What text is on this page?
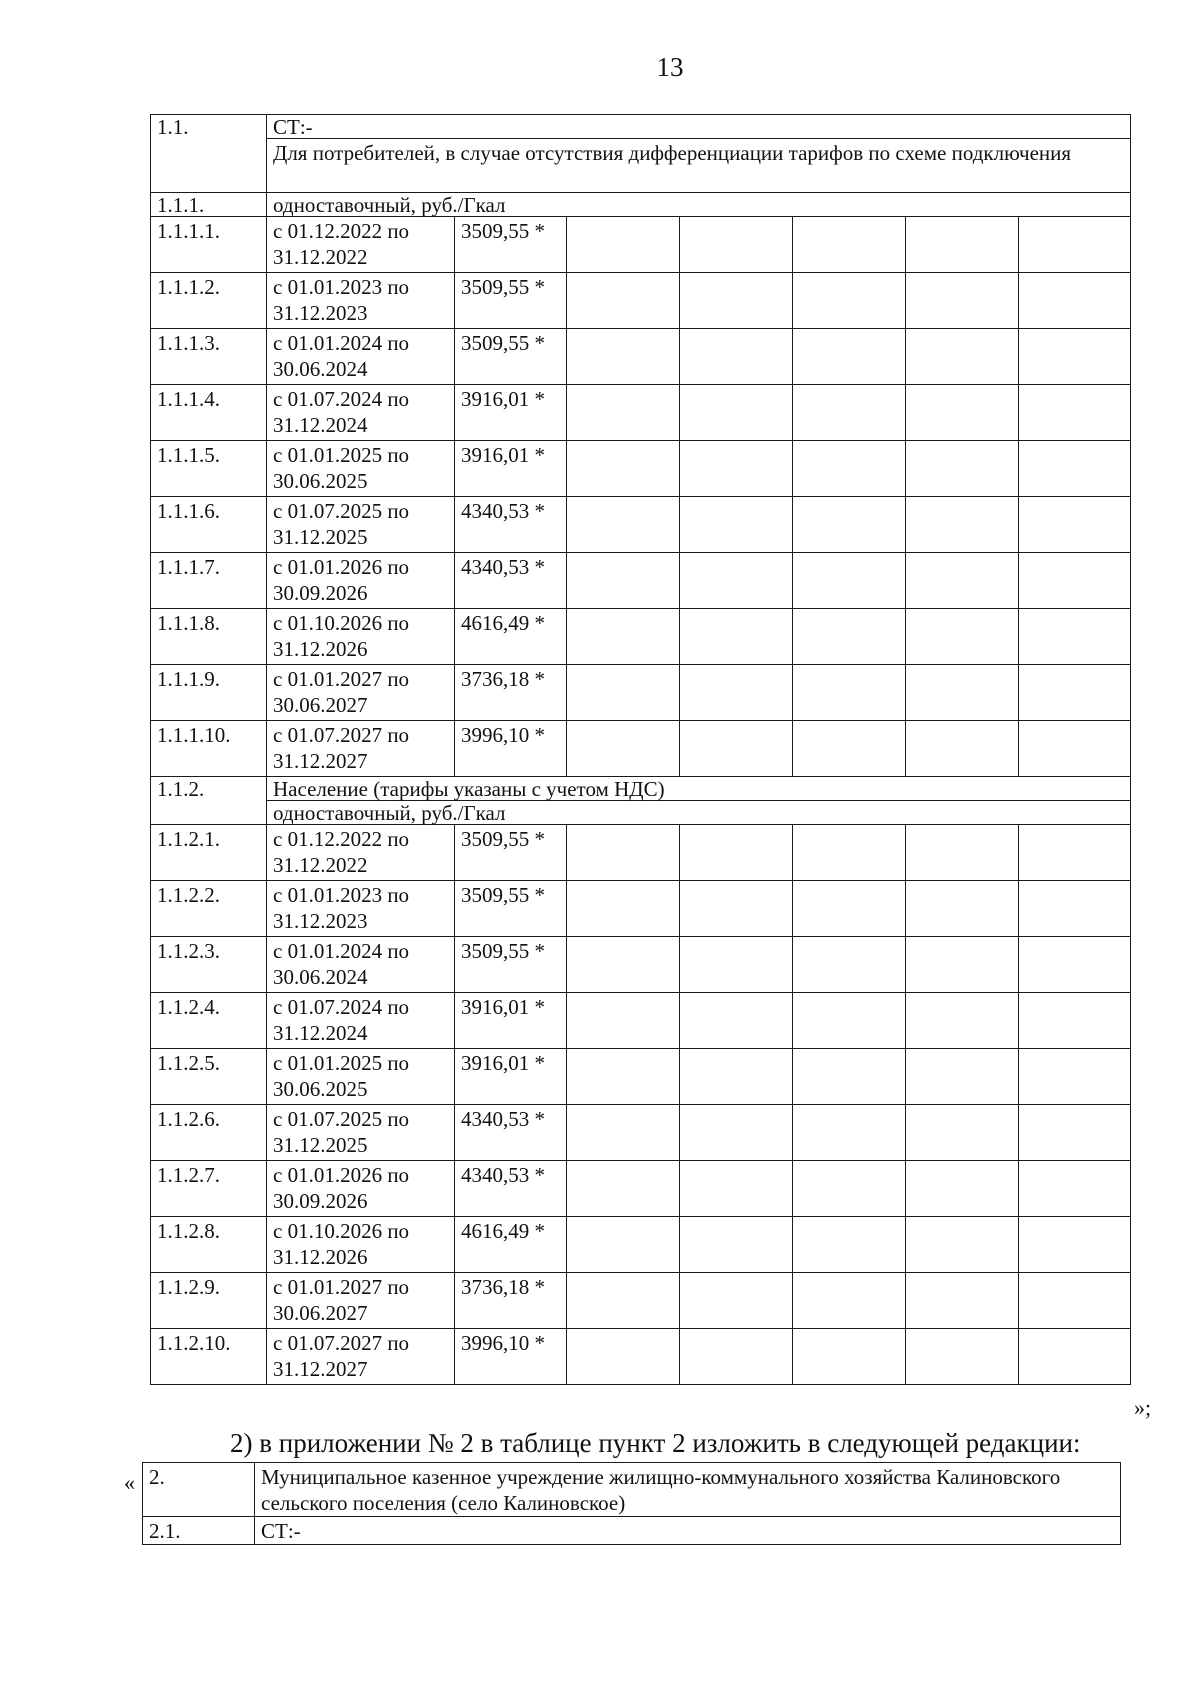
13
1.1.	СТ:-						
	Для потребителей, в случае отсутствия дифференциации тарифов по схеме подключения						
1.1.1.	одноставочный, руб./Гкал						
1.1.1.1.	с 01.12.2022 по 31.12.2022	3509,55 *					
1.1.1.2.	с 01.01.2023 по 31.12.2023	3509,55 *					
1.1.1.3.	с 01.01.2024 по 30.06.2024	3509,55 *					
1.1.1.4.	с 01.07.2024 по 31.12.2024	3916,01 *					
1.1.1.5.	с 01.01.2025 по 30.06.2025	3916,01 *					
1.1.1.6.	с 01.07.2025 по 31.12.2025	4340,53 *					
1.1.1.7.	с 01.01.2026 по 30.09.2026	4340,53 *					
1.1.1.8.	с 01.10.2026 по 31.12.2026	4616,49 *					
1.1.1.9.	с 01.01.2027 по 30.06.2027	3736,18 *					
1.1.1.10.	с 01.07.2027 по 31.12.2027	3996,10 *					
1.1.2.	Население (тарифы указаны с учетом НДС)						
	одноставочный, руб./Гкал						
1.1.2.1.	с 01.12.2022 по 31.12.2022	3509,55 *					
1.1.2.2.	с 01.01.2023 по 31.12.2023	3509,55 *					
1.1.2.3.	с 01.01.2024 по 30.06.2024	3509,55 *					
1.1.2.4.	с 01.07.2024 по 31.12.2024	3916,01 *					
1.1.2.5.	с 01.01.2025 по 30.06.2025	3916,01 *					
1.1.2.6.	с 01.07.2025 по 31.12.2025	4340,53 *					
1.1.2.7.	с 01.01.2026 по 30.09.2026	4340,53 *					
1.1.2.8.	с 01.10.2026 по 31.12.2026	4616,49 *					
1.1.2.9.	с 01.01.2027 по 30.06.2027	3736,18 *					
1.1.2.10.	с 01.07.2027 по 31.12.2027	3996,10 *					
»;
2) в приложении № 2 в таблице пункт 2 изложить в следующей редакции:
« 2.	Муниципальное казенное учреждение жилищно-коммунального хозяйства Калиновского сельского поселения (село Калиновское)
2.1.	СТ:-
